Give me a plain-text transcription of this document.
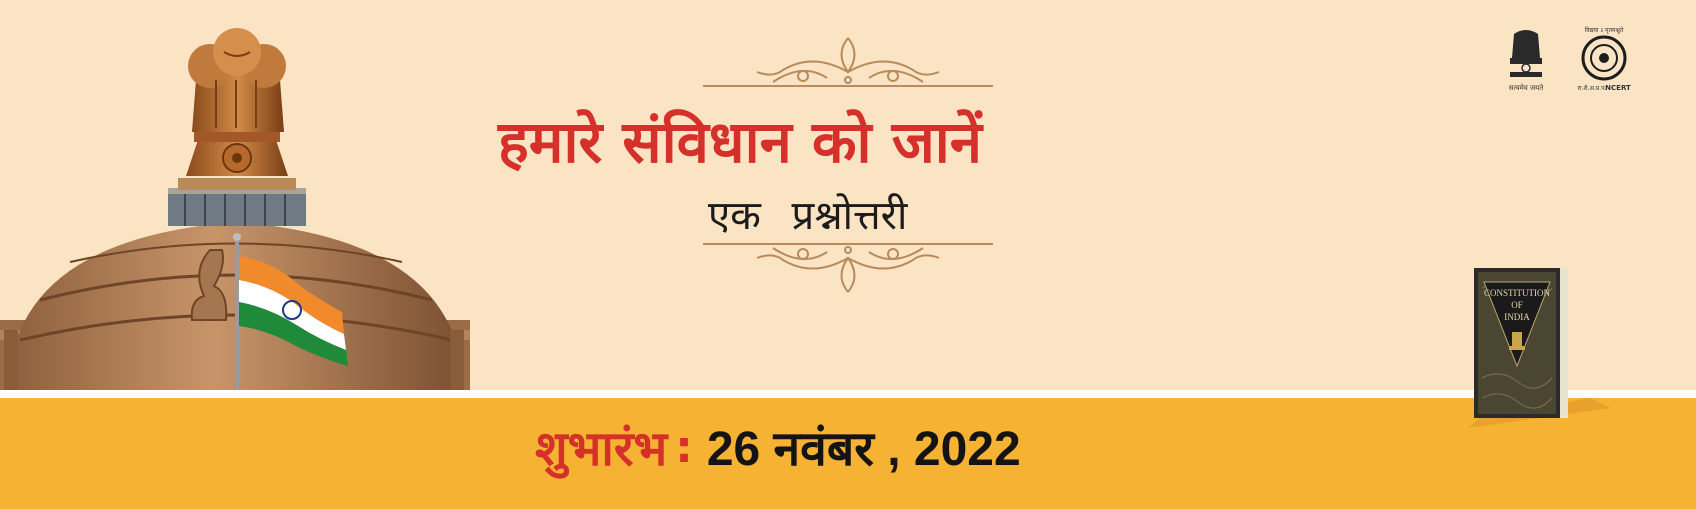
हमारे संविधान को जानें
एक प्रश्नोत्तरी
सत्यमेव जयते
विद्यया ऽ मृतमश्नुते
रा.शै.अ.प्र.प.
NCERT
शुभारंभ : 26 नवंबर , 2022
CONSTITUTION
OF
INDIA
